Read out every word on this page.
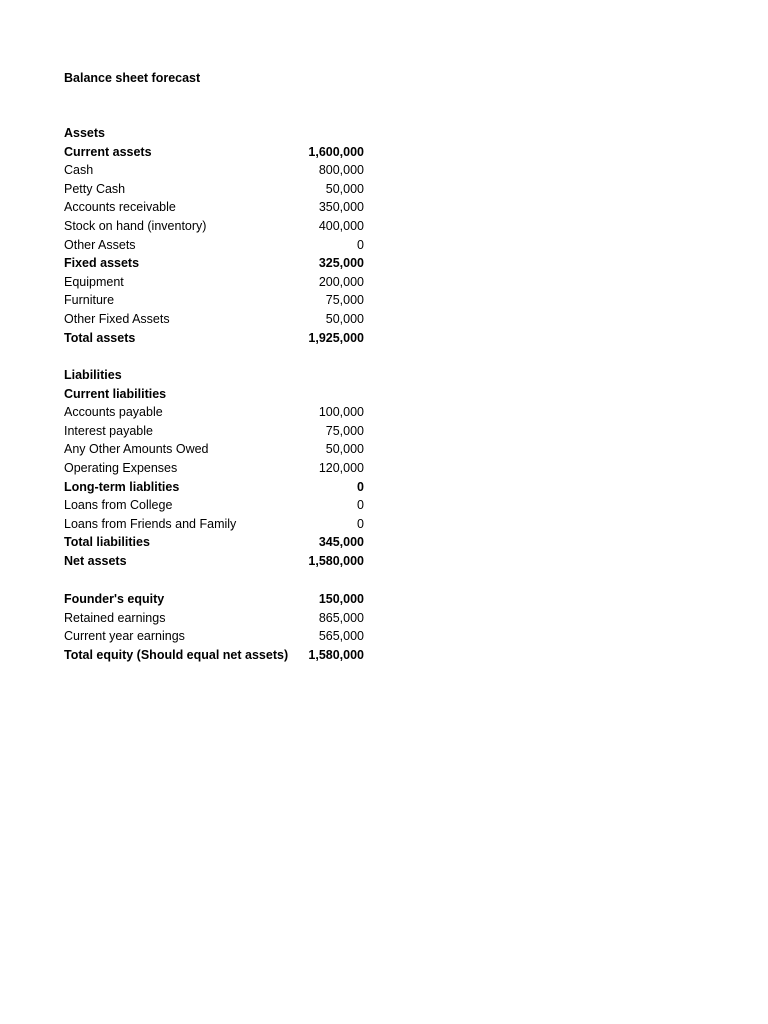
Balance sheet forecast
Assets
Current assets	1,600,000
Cash	800,000
Petty Cash	50,000
Accounts receivable	350,000
Stock on hand (inventory)	400,000
Other Assets	0
Fixed assets	325,000
Equipment	200,000
Furniture	75,000
Other Fixed Assets	50,000
Total assets	1,925,000
Liabilities
Current liabilities
Accounts payable	100,000
Interest payable	75,000
Any Other Amounts Owed	50,000
Operating Expenses	120,000
Long-term liablities	0
Loans from College	0
Loans from Friends and Family	0
Total liabilities	345,000
Net assets	1,580,000
Founder's equity	150,000
Retained earnings	865,000
Current year earnings	565,000
Total equity (Should equal net assets) 1,580,000
